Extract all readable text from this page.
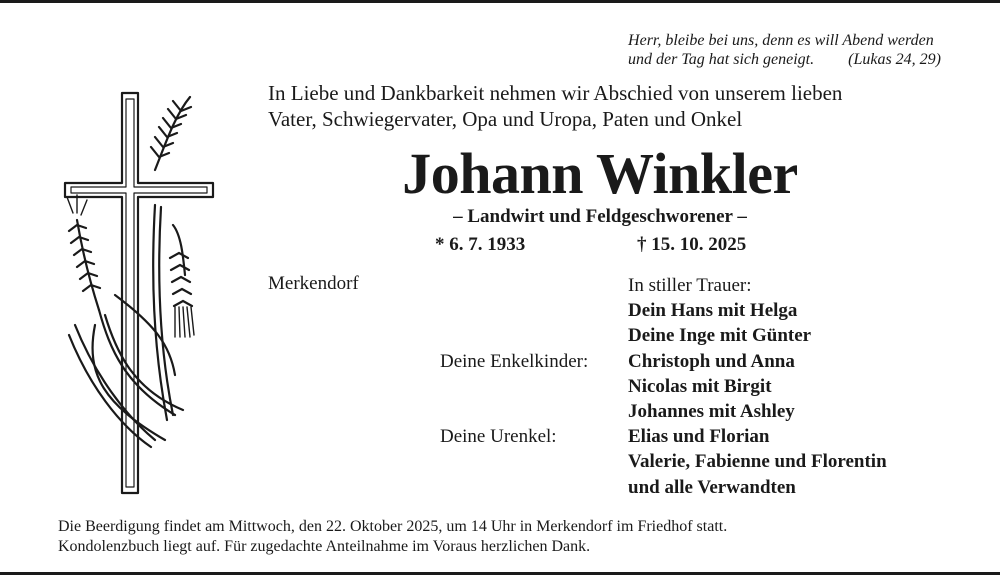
Herr, bleibe bei uns, denn es will Abend werden
und der Tag hat sich geneigt. (Lukas 24, 29)
In Liebe und Dankbarkeit nehmen wir Abschied von unserem lieben
Vater, Schwiegervater, Opa und Uropa, Paten und Onkel
Johann Winkler
– Landwirt und Feldgeschworener –
* 6. 7. 1933	† 15. 10. 2025
Merkendorf	In stiller Trauer:
Dein Hans mit Helga
Deine Inge mit Günter
Deine Enkelkinder:	Christoph und Anna
Nicolas mit Birgit
Johannes mit Ashley
Deine Urenkel:	Elias und Florian
Valerie, Fabienne und Florentin
und alle Verwandten
Die Beerdigung findet am Mittwoch, den 22. Oktober 2025, um 14 Uhr in Merkendorf im Friedhof statt.
Kondolenzbuch liegt auf. Für zugedachte Anteilnahme im Voraus herzlichen Dank.
